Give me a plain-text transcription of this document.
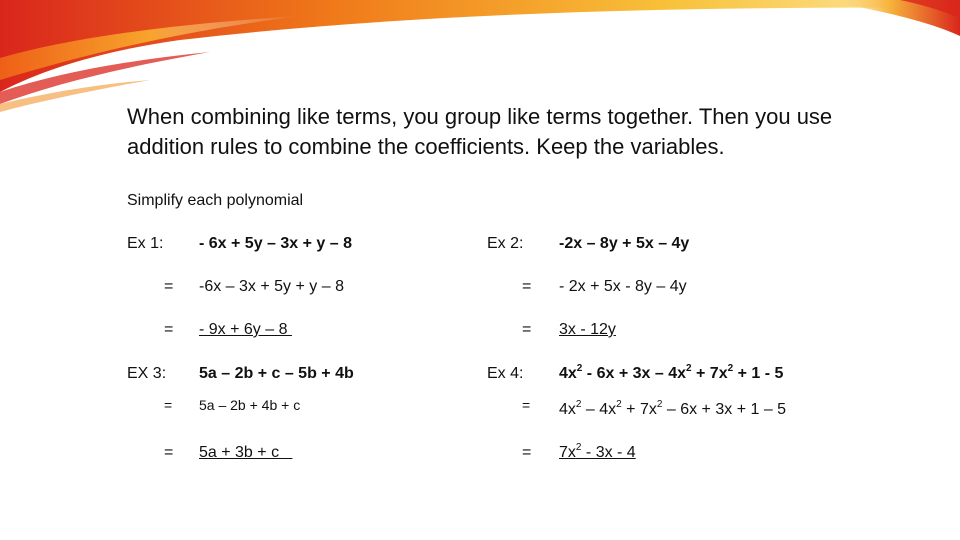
When combining like terms, you group like terms together. Then you use
addition rules to combine the coefficients. Keep the variables.
Simplify each polynomial
Ex 1: - 6x + 5y – 3x + y – 8
= -6x – 3x + 5y + y – 8
= - 9x + 6y – 8
Ex 2: -2x – 8y + 5x – 4y
= - 2x + 5x - 8y – 4y
= 3x - 12y
EX 3: 5a – 2b + c – 5b + 4b
= 5a – 2b + 4b + c
= 5a + 3b + c
Ex 4: $4x^2 - 6x + 3x - 4x^2 + 7x^2 + 1 - 5$
= $4x^2 - 4x^2 + 7x^2 - 6x + 3x + 1 - 5$
= $7x^2 - 3x - 4$
